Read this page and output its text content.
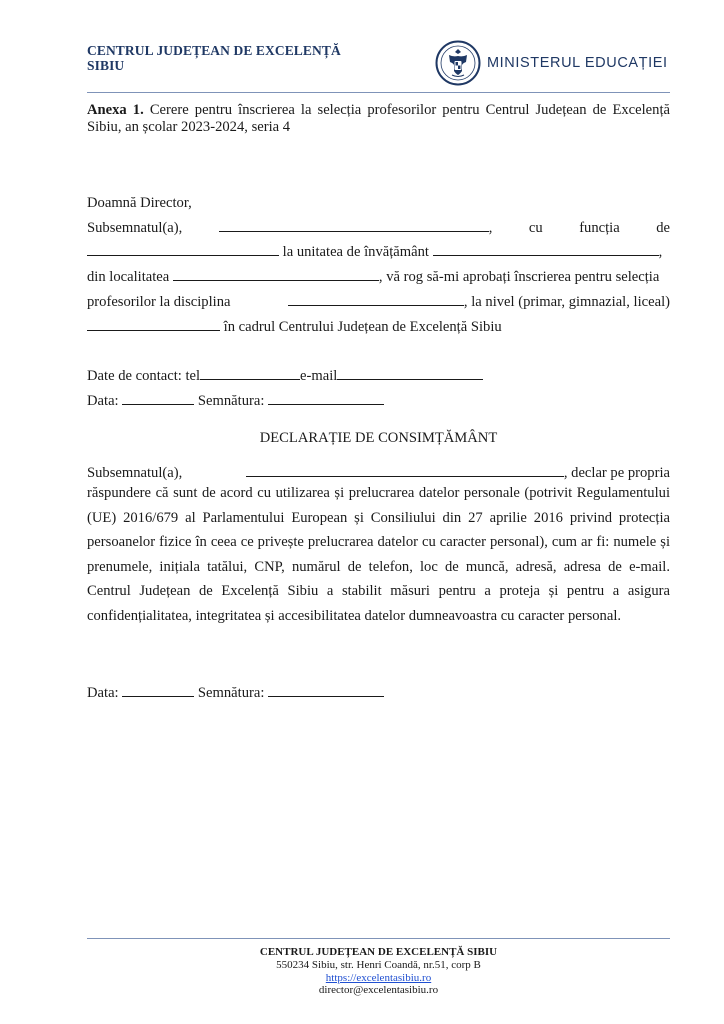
CENTRUL JUDEȚEAN DE EXCELENȚĂ
SIBIU	MINISTERUL EDUCAȚIEI
Anexa 1. Cerere pentru înscrierea la selecția profesorilor pentru Centrul Județean de Excelență Sibiu, an școlar 2023-2024, seria 4
Doamnă Director,
Subsemnatul(a),	,	cu	funcția	de
la unitatea de învățământ	,
din localitatea	, vă rog să-mi aprobați înscrierea pentru selecția
profesorilor la disciplina	, la nivel (primar, gimnazial, liceal)
în cadrul Centrului Județean de Excelență Sibiu
Date de contact: tel	e-mail
Data:	Semnătura:
DECLARAȚIE DE CONSIMȚĂMÂNT
Subsemnatul(a),	, declar pe propria
răspundere că sunt de acord cu utilizarea și prelucrarea datelor personale (potrivit Regulamentului (UE) 2016/679 al Parlamentului European și Consiliului din 27 aprilie 2016 privind protecția persoanelor fizice în ceea ce privește prelucrarea datelor cu caracter personal), cum ar fi: numele și prenumele, inițiala tatălui, CNP, numărul de telefon, loc de muncă, adresă, adresa de e-mail. Centrul Județean de Excelență Sibiu a stabilit măsuri pentru a proteja și pentru a asigura confidențialitatea, integritatea și accesibilitatea datelor dumneavoastra cu caracter personal.
Data:	Semnătura:
CENTRUL JUDEȚEAN DE EXCELENȚĂ SIBIU
550234 Sibiu, str. Henri Coandă, nr.51, corp B
https://excelentasibiu.ro
director@excelentasibiu.ro
